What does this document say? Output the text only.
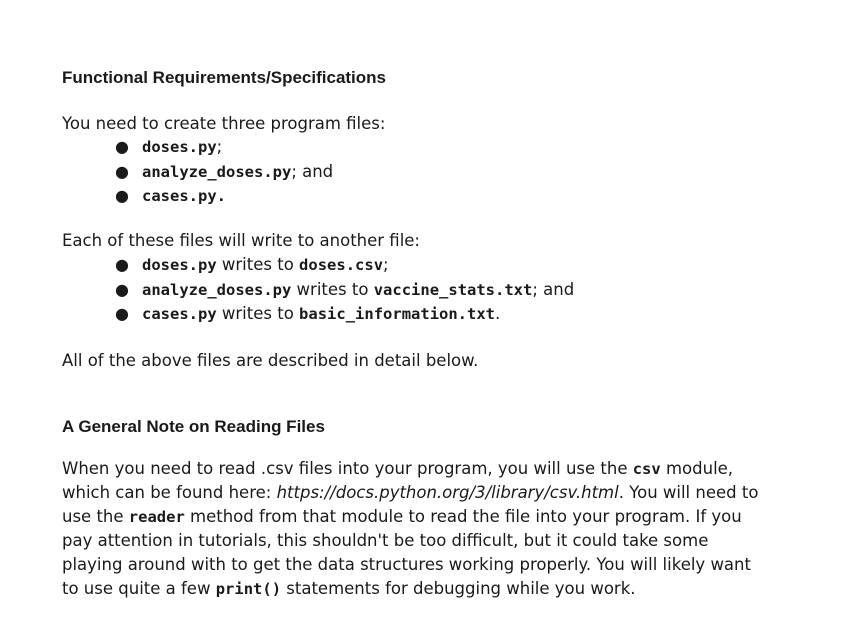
Functional Requirements/Specifications

You need to create three program files:

● doses.py;
● analyze_doses.py; and
● cases.py.

Each of these files will write to another file:

● doses.py writes to doses.csv;
● analyze_doses.py writes to vaccine_stats.txt; and
● cases.py writes to basic_information.txt.

All of the above files are described in detail below.

A General Note on Reading Files

When you need to read .csv files into your program, you will use the csv module, which can be found here: https://docs.python.org/3/library/csv.html. You will need to use the reader method from that module to read the file into your program. If you pay attention in tutorials, this shouldn't be too difficult, but it could take some playing around with to get the data structures working properly. You will likely want to use quite a few print() statements for debugging while you work.
